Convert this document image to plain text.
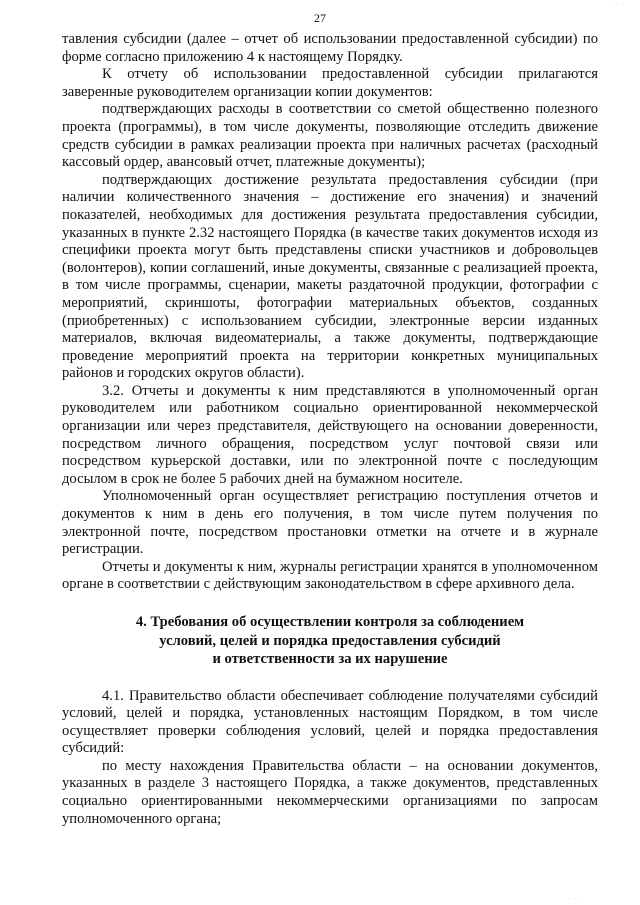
· · ·
27

тавления субсидии (далее – отчет об использовании предоставленной субсидии) по форме согласно приложению 4 к настоящему Порядку.

К отчету об использовании предоставленной субсидии прилагаются заверенные руководителем организации копии документов:

подтверждающих расходы в соответствии со сметой общественно полезного проекта (программы), в том числе документы, позволяющие отследить движение средств субсидии в рамках реализации проекта при наличных расчетах (расходный кассовый ордер, авансовый отчет, платежные документы);

подтверждающих достижение результата предоставления субсидии (при наличии количественного значения – достижение его значения) и значений показателей, необходимых для достижения результата предоставления субсидии, указанных в пункте 2.32 настоящего Порядка (в качестве таких документов исходя из специфики проекта могут быть представлены списки участников и добровольцев (волонтеров), копии соглашений, иные документы, связанные с реализацией проекта, в том числе программы, сценарии, макеты раздаточной продукции, фотографии с мероприятий, скриншоты, фотографии материальных объектов, созданных (приобретенных) с использованием субсидии, электронные версии изданных материалов, включая видеоматериалы, а также документы, подтверждающие проведение мероприятий проекта на территории конкретных муниципальных районов и городских округов области).

3.2. Отчеты и документы к ним представляются в уполномоченный орган руководителем или работником социально ориентированной некоммерческой организации или через представителя, действующего на основании доверенности, посредством личного обращения, посредством услуг почтовой связи или посредством курьерской доставки, или по электронной почте с последующим досылом в срок не более 5 рабочих дней на бумажном носителе.

Уполномоченный орган осуществляет регистрацию поступления отчетов и документов к ним в день его получения, в том числе путем получения по электронной почте, посредством простановки отметки на отчете и в журнале регистрации.

Отчеты и документы к ним, журналы регистрации хранятся в уполномоченном органе в соответствии с действующим законодательством в сфере архивного дела.

4. Требования об осуществлении контроля за соблюдением
условий, целей и порядка предоставления субсидий
и ответственности за их нарушение

4.1. Правительство области обеспечивает соблюдение получателями субсидий условий, целей и порядка, установленных настоящим Порядком, в том числе осуществляет проверки соблюдения условий, целей и порядка предоставления субсидий:

по месту нахождения Правительства области – на основании документов, указанных в разделе 3 настоящего Порядка, а также документов, представленных социально ориентированными некоммерческими организациями по запросам уполномоченного органа;

· · ·
